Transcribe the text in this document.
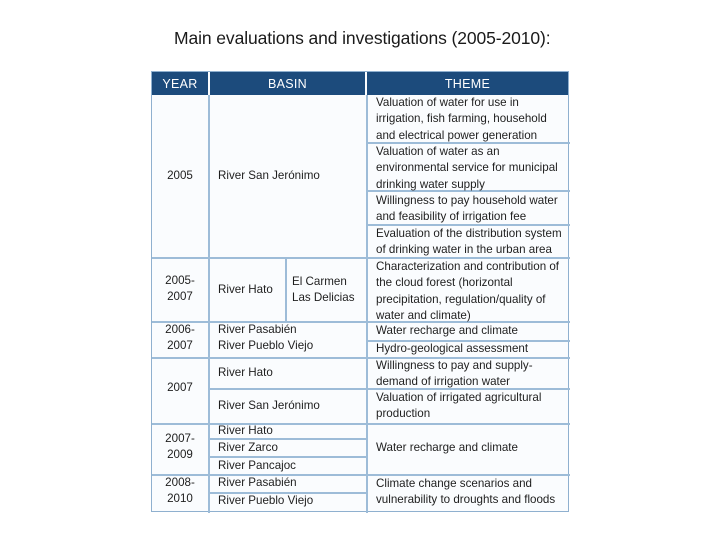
Main evaluations and investigations (2005-2010):
YEAR	BASIN	THEME
2005
2005-
2007
2006-
2007
2007
2007-
2009
2008-
2010
River San Jerónimo
River Hato
El Carmen
Las Delicias
River Pasabién
River Pueblo Viejo
River Hato
River San Jerónimo
River Hato
River Zarco
River Pancajoc
River Pasabién
River Pueblo Viejo
Valuation of water for use in
irrigation, fish farming, household
and electrical power generation
Valuation of water as an
environmental service for municipal
drinking water supply
Willingness to pay household water
and feasibility of irrigation fee
Evaluation of the distribution system
of drinking water in the urban area
Characterization and contribution of
the cloud forest (horizontal
precipitation, regulation/quality of
water and climate)
Water recharge and climate
Hydro-geological assessment
Willingness to pay and supply-
demand of irrigation water
Valuation of irrigated agricultural
production
Water recharge and climate
Climate change scenarios and
vulnerability to droughts and floods
